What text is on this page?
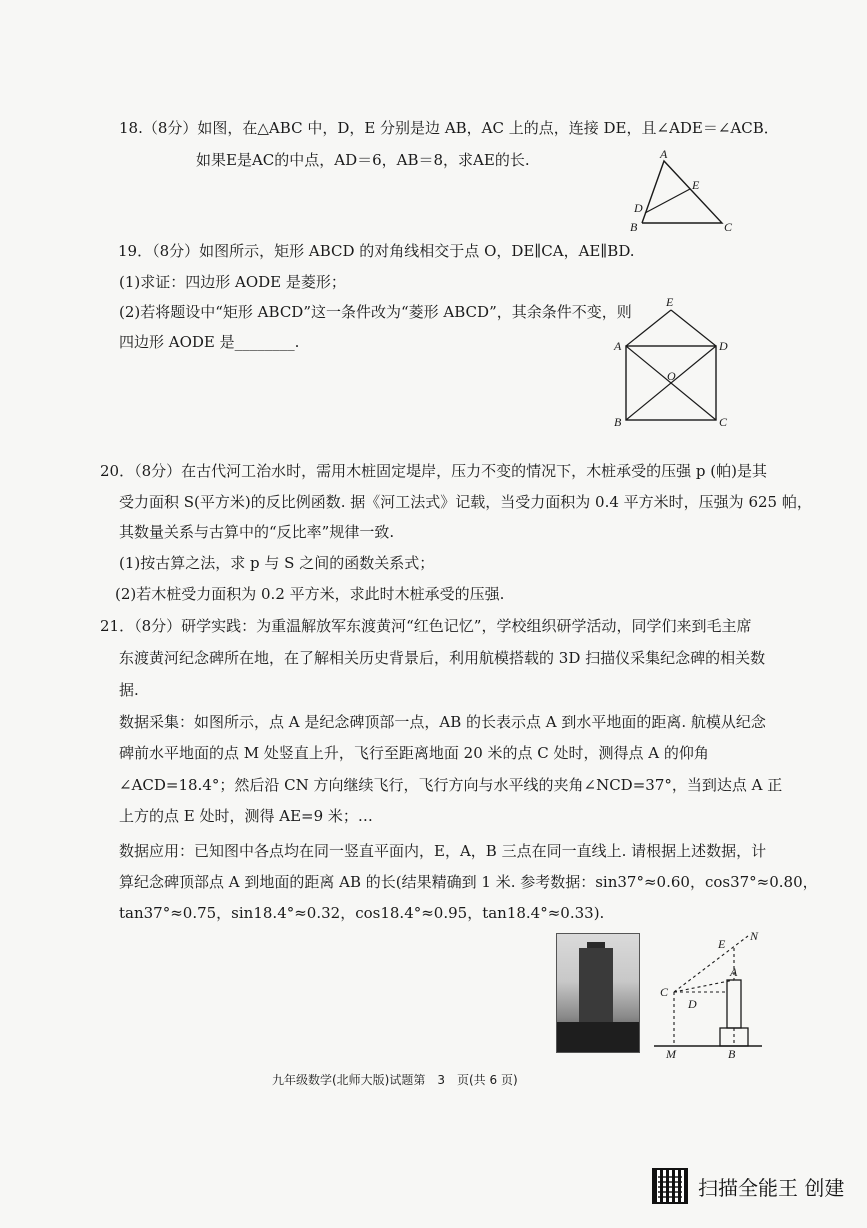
18.（8分）如图，在△ABC 中，D，E 分别是边 AB，AC 上的点，连接 DE，且∠ADE＝∠ACB．
如果E是AC的中点，AD＝6，AB＝8，求AE的长.	A
E
D
B	C
19．（8分）如图所示，矩形 ABCD 的对角线相交于点 O，DE∥CA，AE∥BD.
(1)求证：四边形 AODE 是菱形；
(2)若将题设中“矩形 ABCD”这一条件改为“菱形 ABCD”，其余条件不变，则
四边形 AODE 是________.
E
A	D
O
B	C
20．（8分）在古代河工治水时，需用木桩固定堤岸，压力不变的情况下，木桩承受的压强 p (帕)是其
受力面积 S(平方米)的反比例函数. 据《河工法式》记载，当受力面积为 0.4 平方米时，压强为 625 帕，
其数量关系与古算中的“反比率”规律一致.
(1)按古算之法，求 p 与 S 之间的函数关系式；
(2)若木桩受力面积为 0.2 平方米，求此时木桩承受的压强.
21．（8分）研学实践：为重温解放军东渡黄河“红色记忆”，学校组织研学活动，同学们来到毛主席
东渡黄河纪念碑所在地，在了解相关历史背景后，利用航模搭载的 3D 扫描仪采集纪念碑的相关数
据.
数据采集：如图所示，点 A 是纪念碑顶部一点，AB 的长表示点 A 到水平地面的距离. 航模从纪念
碑前水平地面的点 M 处竖直上升，飞行至距离地面 20 米的点 C 处时，测得点 A 的仰角
∠ACD=18.4°；然后沿 CN 方向继续飞行，飞行方向与水平线的夹角∠NCD=37°，当到达点 A 正
上方的点 E 处时，测得 AE=9 米；…
数据应用：已知图中各点均在同一竖直平面内，E，A，B 三点在同一直线上. 请根据上述数据，计
算纪念碑顶部点 A 到地面的距离 AB 的长(结果精确到 1 米. 参考数据：sin37°≈0.60，cos37°≈0.80，
tan37°≈0.75，sin18.4°≈0.32，cos18.4°≈0.95，tan18.4°≈0.33).
E
N
A
C
D
M	B
九年级数学(北师大版)试题第　3　页(共 6 页)
扫描全能王 创建
